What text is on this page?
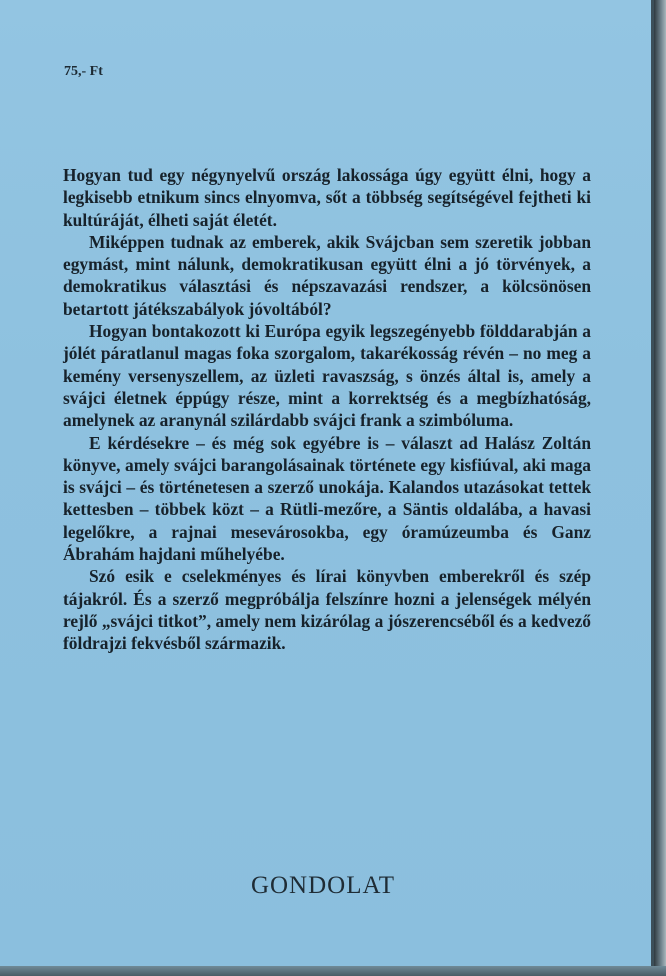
75,- Ft

Hogyan tud egy négynyelvű ország lakossága úgy együtt élni, hogy a legkisebb etnikum sincs elnyomva, sőt a többség segítségével fejtheti ki kultúráját, élheti saját életét.

Miképpen tudnak az emberek, akik Svájcban sem szeretik jobban egymást, mint nálunk, demokratikusan együtt élni a jó törvények, a demokratikus választási és népszavazási rendszer, a kölcsönösen betartott játékszabályok jóvoltából?

Hogyan bontakozott ki Európa egyik legszegényebb földdarabján a jólét páratlanul magas foka szorgalom, takarékosság révén – no meg a kemény versenyszellem, az üzleti ravaszság, s önzés által is, amely a svájci életnek éppúgy része, mint a korrektség és a megbízhatóság, amelynek az aranynál szilárdabb svájci frank a szimbóluma.

E kérdésekre – és még sok egyébre is – választ ad Halász Zoltán könyve, amely svájci barangolásainak története egy kisfiúval, aki maga is svájci – és történetesen a szerző unokája. Kalandos utazásokat tettek kettesben – többek közt – a Rütli-mezőre, a Säntis oldalába, a havasi legelőkre, a rajnai mesevárosokba, egy óramúzeumba és Ganz Ábrahám hajdani műhelyébe.

Szó esik e cselekményes és lírai könyvben emberekről és szép tájakról. És a szerző megpróbálja felszínre hozni a jelenségek mélyén rejlő „svájci titkot”, amely nem kizárólag a jószerencséből és a kedvező földrajzi fekvésből származik.

GONDOLAT
